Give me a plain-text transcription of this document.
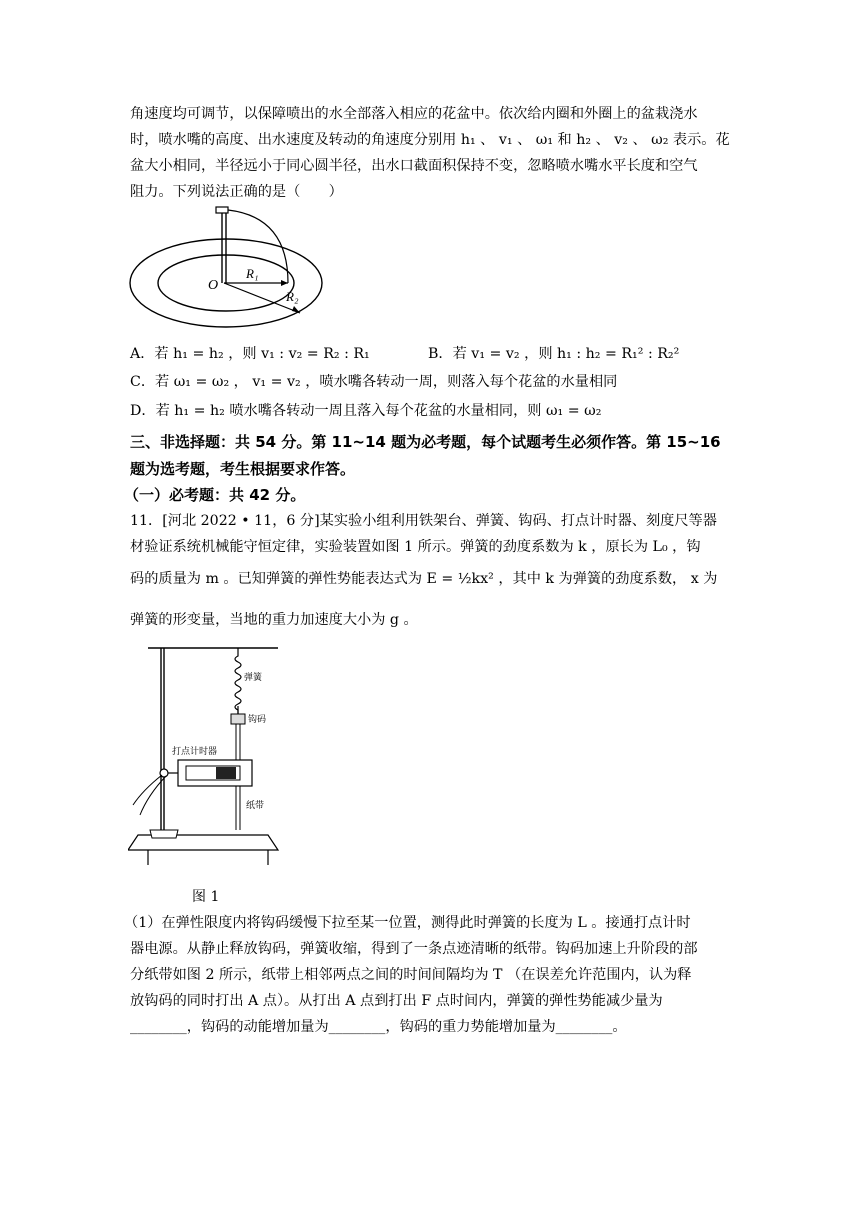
角速度均可调节，以保障喷出的水全部落入相应的花盆中。依次给内圈和外圈上的盆栽浇水
时，喷水嘴的高度、出水速度及转动的角速度分别用 h₁ 、 v₁ 、 ω₁ 和 h₂ 、 v₂ 、 ω₂ 表示。花
盆大小相同，半径远小于同心圆半径，出水口截面积保持不变，忽略喷水嘴水平长度和空气
阻力。下列说法正确的是（　　）
O
R₁
R₂
A．若 h₁ = h₂ ，则 v₁ : v₂ = R₂ : R₁	B．若 v₁ = v₂ ，则 h₁ : h₂ = R₁² : R₂²
C．若 ω₁ = ω₂ ， v₁ = v₂ ，喷水嘴各转动一周，则落入每个花盆的水量相同
D．若 h₁ = h₂ 喷水嘴各转动一周且落入每个花盆的水量相同，则 ω₁ = ω₂
三、非选择题：共 54 分。第 11~14 题为必考题，每个试题考生必须作答。第 15~16
题为选考题，考生根据要求作答。
（一）必考题：共 42 分。
11．[河北 2022 • 11，6 分]某实验小组利用铁架台、弹簧、钩码、打点计时器、刻度尺等器
材验证系统机械能守恒定律，实验装置如图 1 所示。弹簧的劲度系数为 k ，原长为 L₀ ，钩
码的质量为 m 。已知弹簧的弹性势能表达式为 E = ½kx² ，其中 k 为弹簧的劲度系数， x 为
弹簧的形变量，当地的重力加速度大小为 g 。
弹簧
钩码
打点计时器
纸带
图 1
（1）在弹性限度内将钩码缓慢下拉至某一位置，测得此时弹簧的长度为 L 。接通打点计时
器电源。从静止释放钩码，弹簧收缩，得到了一条点迹清晰的纸带。钩码加速上升阶段的部
分纸带如图 2 所示，纸带上相邻两点之间的时间间隔均为 T （在误差允许范围内，认为释
放钩码的同时打出 A 点）。从打出 A 点到打出 F 点时间内，弹簧的弹性势能减少量为
________，钩码的动能增加量为________，钩码的重力势能增加量为________。
